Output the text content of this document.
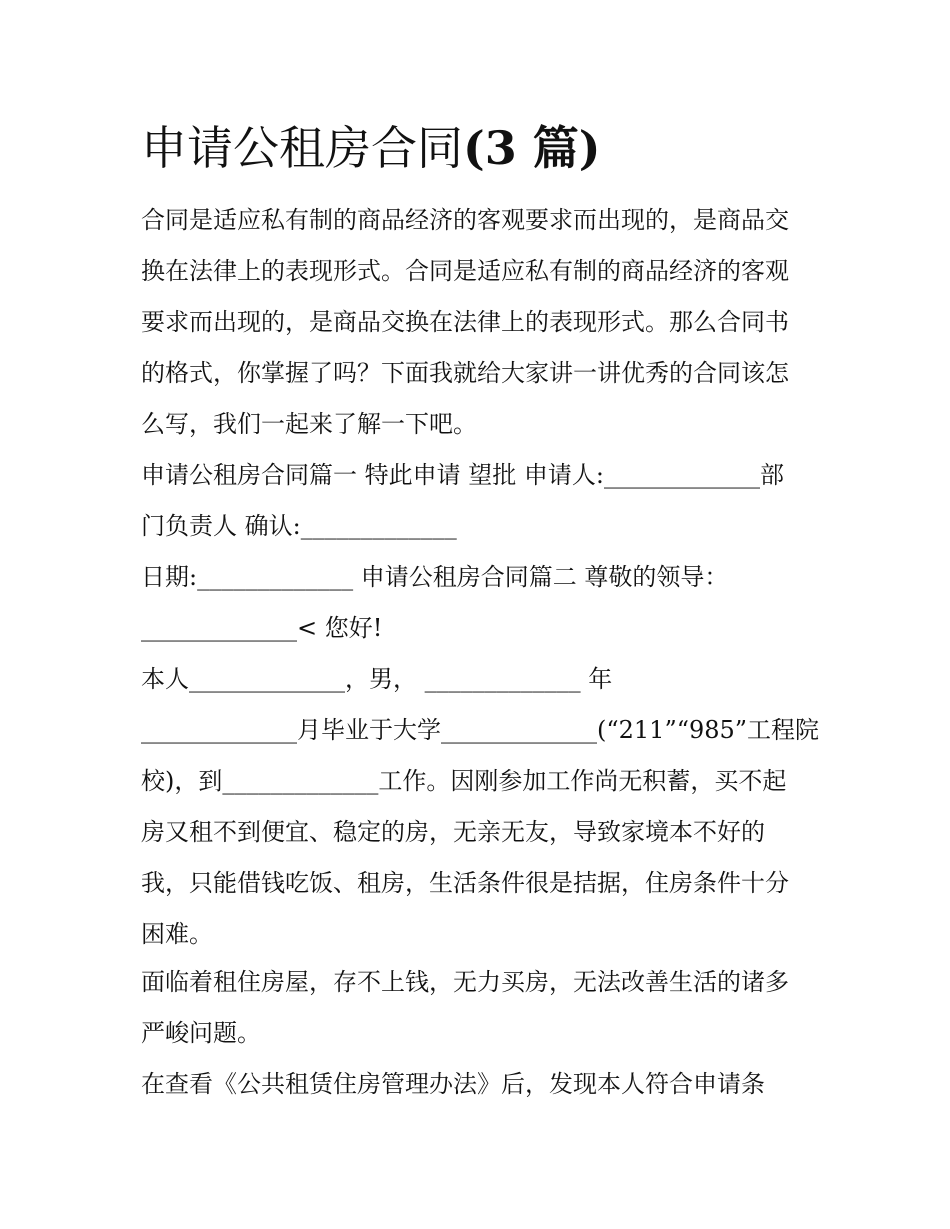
申请公租房合同(3 篇)
合同是适应私有制的商品经济的客观要求而出现的，是商品交
换在法律上的表现形式。合同是适应私有制的商品经济的客观
要求而出现的，是商品交换在法律上的表现形式。那么合同书
的格式，你掌握了吗？下面我就给大家讲一讲优秀的合同该怎
么写，我们一起来了解一下吧。
申请公租房合同篇一 特此申请 望批 申请人:_____________部
门负责人 确认:_____________
日期:_____________ 申请公租房合同篇二 尊敬的领导：
_____________< 您好!
本人_____________，男， _____________ 年
_____________月毕业于大学_____________(“211”“985”工程院
校)，到_____________工作。因刚参加工作尚无积蓄，买不起
房又租不到便宜、稳定的房，无亲无友，导致家境本不好的
我，只能借钱吃饭、租房，生活条件很是拮据，住房条件十分
困难。
面临着租住房屋，存不上钱，无力买房，无法改善生活的诸多
严峻问题。
在查看《公共租赁住房管理办法》后，发现本人符合申请条
